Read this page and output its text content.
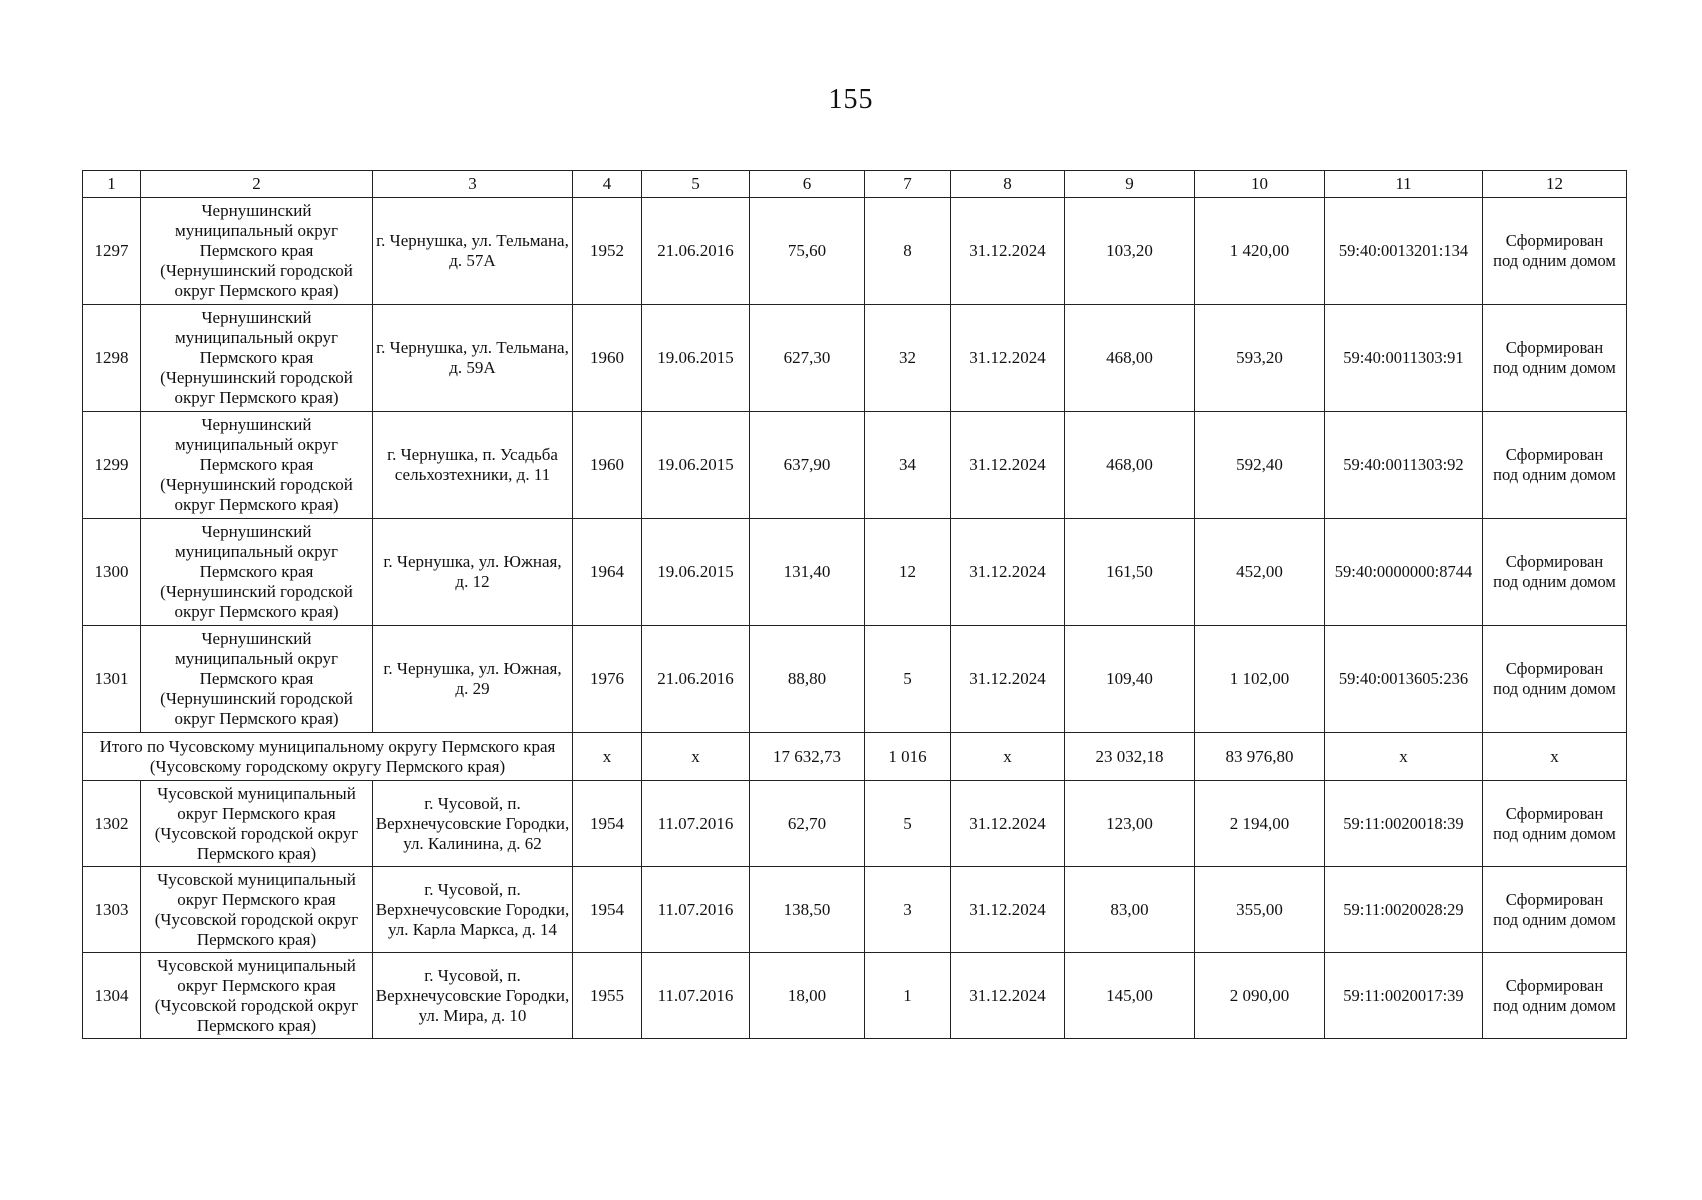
155
1	2	3	4	5	6	7	8	9	10	11	12
1297	Чернушинский муниципальный округ Пермского края (Чернушинский городской округ Пермского края)	г. Чернушка, ул. Тельмана, д. 57А	1952	21.06.2016	75,60	8	31.12.2024	103,20	1 420,00	59:40:0013201:134	Сформирован
под одним домом
1298	Чернушинский муниципальный округ Пермского края (Чернушинский городской округ Пермского края)	г. Чернушка, ул. Тельмана, д. 59А	1960	19.06.2015	627,30	32	31.12.2024	468,00	593,20	59:40:0011303:91	Сформирован
под одним домом
1299	Чернушинский муниципальный округ Пермского края (Чернушинский городской округ Пермского края)	г. Чернушка, п. Усадьба сельхозтехники, д. 11	1960	19.06.2015	637,90	34	31.12.2024	468,00	592,40	59:40:0011303:92	Сформирован
под одним домом
1300	Чернушинский муниципальный округ Пермского края (Чернушинский городской округ Пермского края)	г. Чернушка, ул. Южная, д. 12	1964	19.06.2015	131,40	12	31.12.2024	161,50	452,00	59:40:0000000:8744	Сформирован
под одним домом
1301	Чернушинский муниципальный округ Пермского края (Чернушинский городской округ Пермского края)	г. Чернушка, ул. Южная, д. 29	1976	21.06.2016	88,80	5	31.12.2024	109,40	1 102,00	59:40:0013605:236	Сформирован
под одним домом
Итого по Чусовскому муниципальному округу Пермского края (Чусовскому городскому округу Пермского края)			х	х	17 632,73	1 016	х	23 032,18	83 976,80	х	х
1302	Чусовской муниципальный округ Пермского края (Чусовской городской округ Пермского края)	г. Чусовой, п. Верхнечусовские Городки, ул. Калинина, д. 62	1954	11.07.2016	62,70	5	31.12.2024	123,00	2 194,00	59:11:0020018:39	Сформирован
под одним домом
1303	Чусовской муниципальный округ Пермского края (Чусовской городской округ Пермского края)	г. Чусовой, п. Верхнечусовские Городки, ул. Карла Маркса, д. 14	1954	11.07.2016	138,50	3	31.12.2024	83,00	355,00	59:11:0020028:29	Сформирован
под одним домом
1304	Чусовской муниципальный округ Пермского края (Чусовской городской округ Пермского края)	г. Чусовой, п. Верхнечусовские Городки, ул. Мира, д. 10	1955	11.07.2016	18,00	1	31.12.2024	145,00	2 090,00	59:11:0020017:39	Сформирован
под одним домом
